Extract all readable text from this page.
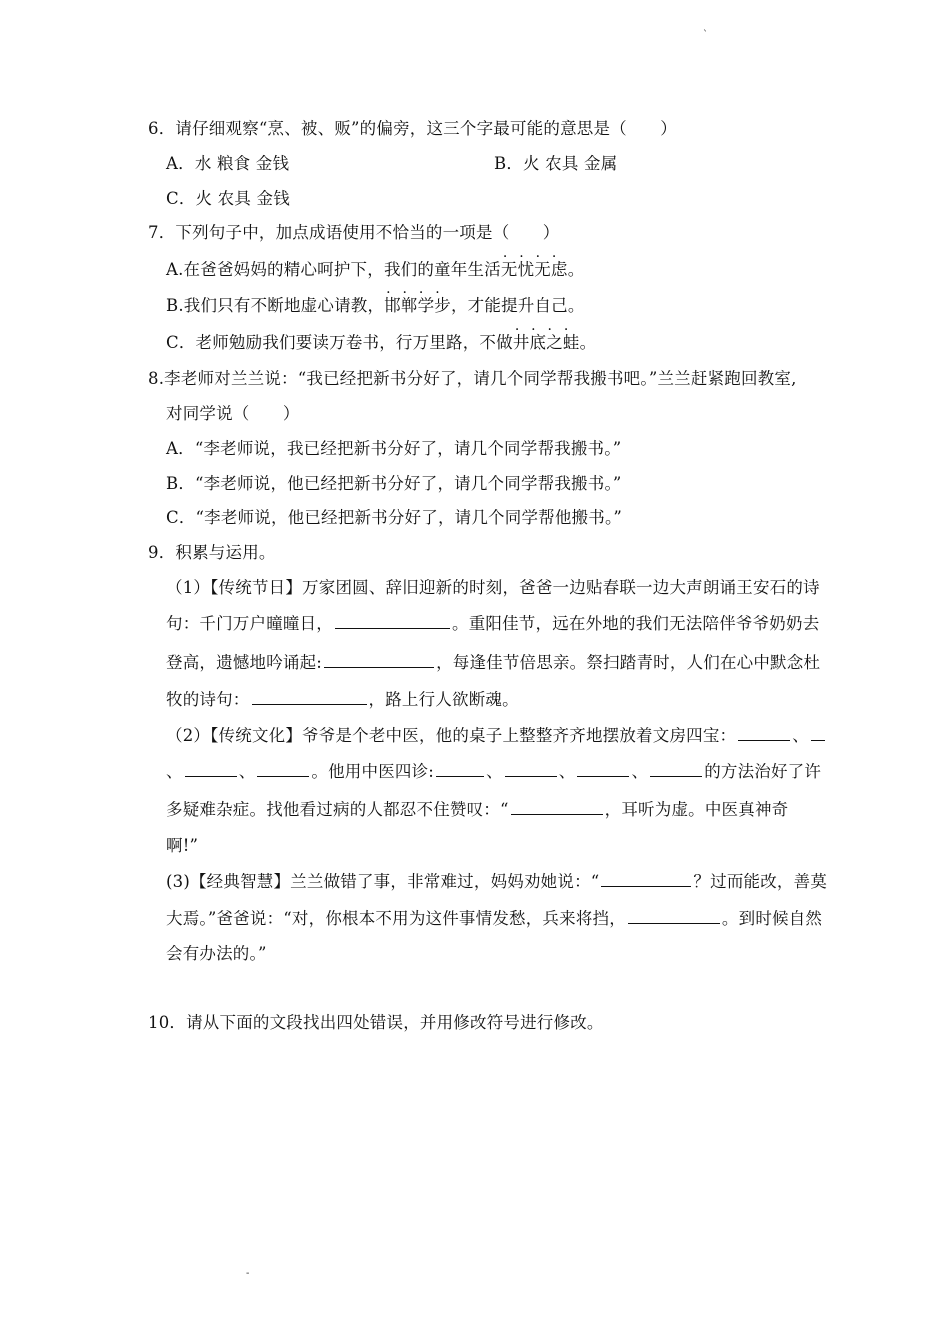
`
6．请仔细观察“烹、被、贩”的偏旁，这三个字最可能的意思是（　　）
A．水 粮食 金钱	B．火 农具 金属
C．火 农具 金钱
7．下列句子中，加点成语使用不恰当的一项是（　　）
A.在爸爸妈妈的精心呵护下，我们的童年生活· · 无忧无虑。
B.我们只有不断地虚心请教，· · 邯郸学步，才能提升自己。
C．老师勉励我们要读万卷书，行万里路，不做· · 井底之蛙。
8.李老师对兰兰说：“我已经把新书分好了，请几个同学帮我搬书吧。”兰兰赶紧跑回教室,
对同学说（　　）
A．“李老师说，我已经把新书分好了，请几个同学帮我搬书。”
B．“李老师说，他已经把新书分好了，请几个同学帮我搬书。”
C．“李老师说，他已经把新书分好了，请几个同学帮他搬书。”
9．积累与运用。
（1）【传统节日】万家团圆、辞旧迎新的时刻，爸爸一边贴春联一边大声朗诵王安石的诗
句：千门万户曈曈日，	。重阳佳节，远在外地的我们无法陪伴爷爷奶奶去
登高，遗憾地吟诵起:	，每逢佳节倍思亲。祭扫踏青时，人们在心中默念杜
牧的诗句：	，路上行人欲断魂。
（2）【传统文化】爷爷是个老中医，他的桌子上整整齐齐地摆放着文房四宝：	、
、	、	。他用中医四诊:	、	、	、	的方法治好了许
多疑难杂症。找他看过病的人都忍不住赞叹：“	，耳听为虚。中医真神奇
啊!”
(3)【经典智慧】兰兰做错了事，非常难过，妈妈劝她说：“	？过而能改，善莫
大焉。”爸爸说：“对，你根本不用为这件事情发愁，兵来将挡，	。到时候自然
会有办法的。”
10．请从下面的文段找出四处错误，并用修改符号进行修改。
-
